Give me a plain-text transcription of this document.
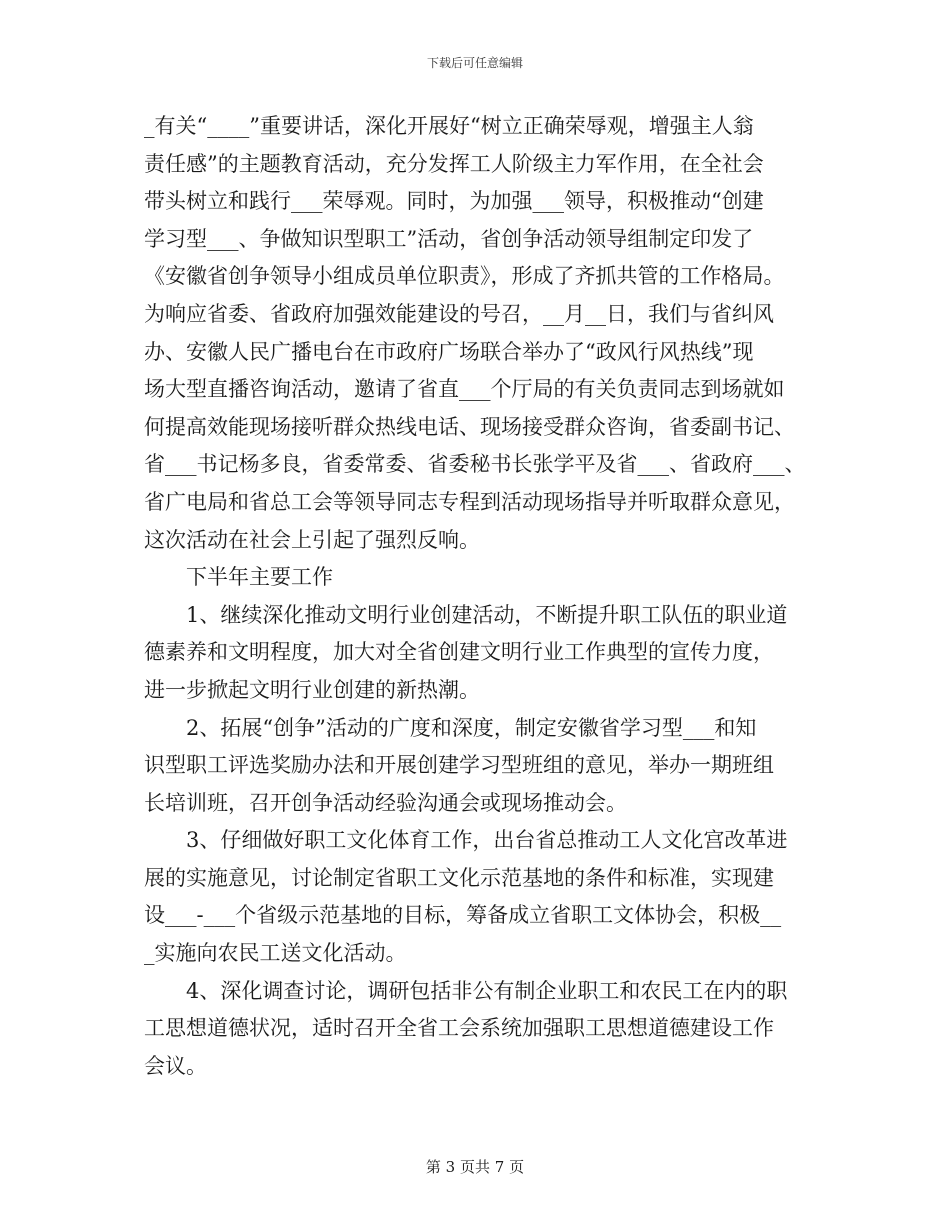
下载后可任意编辑
_有关“____”重要讲话，深化开展好“树立正确荣辱观，增强主人翁
责任感”的主题教育活动，充分发挥工人阶级主力军作用，在全社会
带头树立和践行___荣辱观。同时，为加强___领导，积极推动“创建
学习型___、争做知识型职工”活动，省创争活动领导组制定印发了
《安徽省创争领导小组成员单位职责》，形成了齐抓共管的工作格局。
为响应省委、省政府加强效能建设的号召，__月__日，我们与省纠风
办、安徽人民广播电台在市政府广场联合举办了“政风行风热线”现
场大型直播咨询活动，邀请了省直___个厅局的有关负责同志到场就如
何提高效能现场接听群众热线电话、现场接受群众咨询，省委副书记、
省___书记杨多良，省委常委、省委秘书长张学平及省___、省政府___、
省广电局和省总工会等领导同志专程到活动现场指导并听取群众意见，
这次活动在社会上引起了强烈反响。
下半年主要工作
1、继续深化推动文明行业创建活动，不断提升职工队伍的职业道
德素养和文明程度，加大对全省创建文明行业工作典型的宣传力度，
进一步掀起文明行业创建的新热潮。
2、拓展“创争”活动的广度和深度，制定安徽省学习型___和知
识型职工评选奖励办法和开展创建学习型班组的意见，举办一期班组
长培训班，召开创争活动经验沟通会或现场推动会。
3、仔细做好职工文化体育工作，出台省总推动工人文化宫改革进
展的实施意见，讨论制定省职工文化示范基地的条件和标准，实现建
设___-___个省级示范基地的目标，筹备成立省职工文体协会，积极__
_实施向农民工送文化活动。
4、深化调查讨论，调研包括非公有制企业职工和农民工在内的职
工思想道德状况，适时召开全省工会系统加强职工思想道德建设工作
会议。
第 3 页共 7 页
